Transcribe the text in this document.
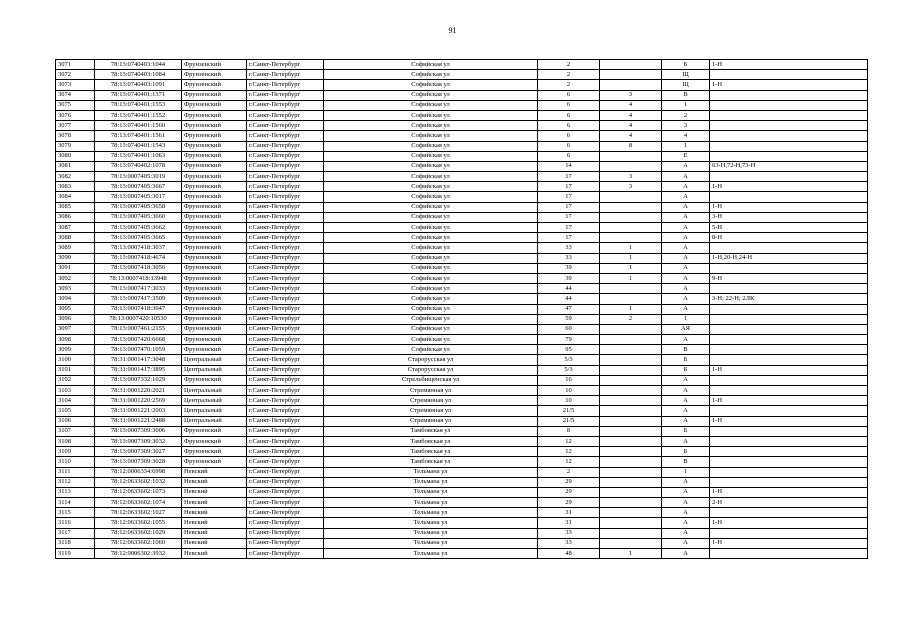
91
3071	78:13:0740403:1044	Фрунзенский	г.Санкт-Петербург	Софийская ул	2		Б	1-Н
3072	78:13:0740403:1084	Фрунзенский	г.Санкт-Петербург	Софийская ул	2		Щ	
3073	78:13:0740403:1091	Фрунзенский	г.Санкт-Петербург	Софийская ул	2		Щ	1-Н
3074	78:13:0740401:1371	Фрунзенский	г.Санкт-Петербург	Софийская ул	6	3	В	
3075	78:13:0740401:1553	Фрунзенский	г.Санкт-Петербург	Софийская ул	6	4	1	
3076	78:13:0740401:1552	Фрунзенский	г.Санкт-Петербург	Софийская ул	6	4	2	
3077	78:13:0740401:1560	Фрунзенский	г.Санкт-Петербург	Софийская ул	6	4	3	
3078	78:13:0740401:1561	Фрунзенский	г.Санкт-Петербург	Софийская ул	6	4	4	
3079	78:13:0740401:1543	Фрунзенский	г.Санкт-Петербург	Софийская ул	6	8	1	
3080	78:13:0740401:1063	Фрунзенский	г.Санкт-Петербург	Софийская ул	6		Е	
3081	78:13:0740402:1078	Фрунзенский	г.Санкт-Петербург	Софийская ул	14		А	63-Н,72-Н,73-Н
3082	78:13:0007405:3019	Фрунзенский	г.Санкт-Петербург	Софийская ул	17	3	А	
3083	78:13:0007405:3667	Фрунзенский	г.Санкт-Петербург	Софийская ул	17	3	А	1-Н
3084	78:13:0007405:3017	Фрунзенский	г.Санкт-Петербург	Софийская ул	17		А	
3085	78:13:0007405:3658	Фрунзенский	г.Санкт-Петербург	Софийская ул	17		А	1-Н
3086	78:13:0007405:3660	Фрунзенский	г.Санкт-Петербург	Софийская ул	17		А	3-Н
3087	78:13:0007405:3662	Фрунзенский	г.Санкт-Петербург	Софийская ул	17		А	5-Н
3088	78:13:0007405:3665	Фрунзенский	г.Санкт-Петербург	Софийская ул	17		А	8-Н
3089	78:13:0007418:3037	Фрунзенский	г.Санкт-Петербург	Софийская ул	33	1	А	
3090	78:13:0007418:4674	Фрунзенский	г.Санкт-Петербург	Софийская ул	33	1	А	1-Н,20-Н,24-Н
3091	78:13:0007418:3056	Фрунзенский	г.Санкт-Петербург	Софийская ул	39	1	А	
3092	78:13:0007418:13948	Фрунзенский	г.Санкт-Петербург	Софийская ул	39	1	А	9-Н
3093	78:13:0007417:3033	Фрунзенский	г.Санкт-Петербург	Софийская ул	44		А	
3094	78:13:0007417:3509	Фрунзенский	г.Санкт-Петербург	Софийская ул	44		А	3-Н; 22-Н; 2ЛК
3095	78:13:0007418:3047	Фрунзенский	г.Санкт-Петербург	Софийская ул	47	1	А	
3096	78:13:0007420:10530	Фрунзенский	г.Санкт-Петербург	Софийская ул	59	2	1	
3097	78:13:0007461:2155	Фрунзенский	г.Санкт-Петербург	Софийская ул	60		АЯ	
3098	78:13:0007420:6668	Фрунзенский	г.Санкт-Петербург	Софийская ул	79		А	
3099	78:13:0007470:1059	Фрунзенский	г.Санкт-Петербург	Софийская ул	95		В	
3100	78:31:0001417:3048	Центральный	г.Санкт-Петербург	Старорусская ул	5/3		Б	
3101	78:31:0001417:3895	Центральный	г.Санкт-Петербург	Старорусская ул	5/3		Б	1-Н
3102	78:13:0007332:1029	Фрунзенский	г.Санкт-Петербург	Стрельбищенская ул	16		А	
3103	78:31:0001220:2021	Центральный	г.Санкт-Петербург	Стремянная ул	10		А	
3104	78:31:0001220:2569	Центральный	г.Санкт-Петербург	Стремянная ул	10		А	1-Н
3105	78:31:0001221:2003	Центральный	г.Санкт-Петербург	Стремянная ул	21/5		А	
3106	78:31:0001221:2488	Центральный	г.Санкт-Петербург	Стремянная ул	21/5		А	1-Н
3107	78:13:0007309:3006	Фрунзенский	г.Санкт-Петербург	Тамбовская ул	8		Б	
3108	78:13:0007309:3032	Фрунзенский	г.Санкт-Петербург	Тамбовская ул	12		А	
3109	78:13:0007309:3027	Фрунзенский	г.Санкт-Петербург	Тамбовская ул	12		Б	
3110	78:13:0007309:3028	Фрунзенский	г.Санкт-Петербург	Тамбовская ул	12		В	
3111	78:12:0006334:6998	Невский	г.Санкт-Петербург	Тельмана ул	2		1	
3112	78:12:0633602:1032	Невский	г.Санкт-Петербург	Тельмана ул	29		А	
3113	78:12:0633602:1073	Невский	г.Санкт-Петербург	Тельмана ул	29		А	1-Н
3114	78:12:0633602:1074	Невский	г.Санкт-Петербург	Тельмана ул	29		А	2-Н
3115	78:12:0633602:1027	Невский	г.Санкт-Петербург	Тельмана ул	31		А	
3116	78:12:0633602:1055	Невский	г.Санкт-Петербург	Тельмана ул	31		А	1-Н
3117	78:12:0633602:1029	Невский	г.Санкт-Петербург	Тельмана ул	33		А	
3118	78:12:0633602:1060	Невский	г.Санкт-Петербург	Тельмана ул	33		А	1-Н
3119	78:12:0006302:3932	Невский	г.Санкт-Петербург	Тельмана ул	48	1	А	
